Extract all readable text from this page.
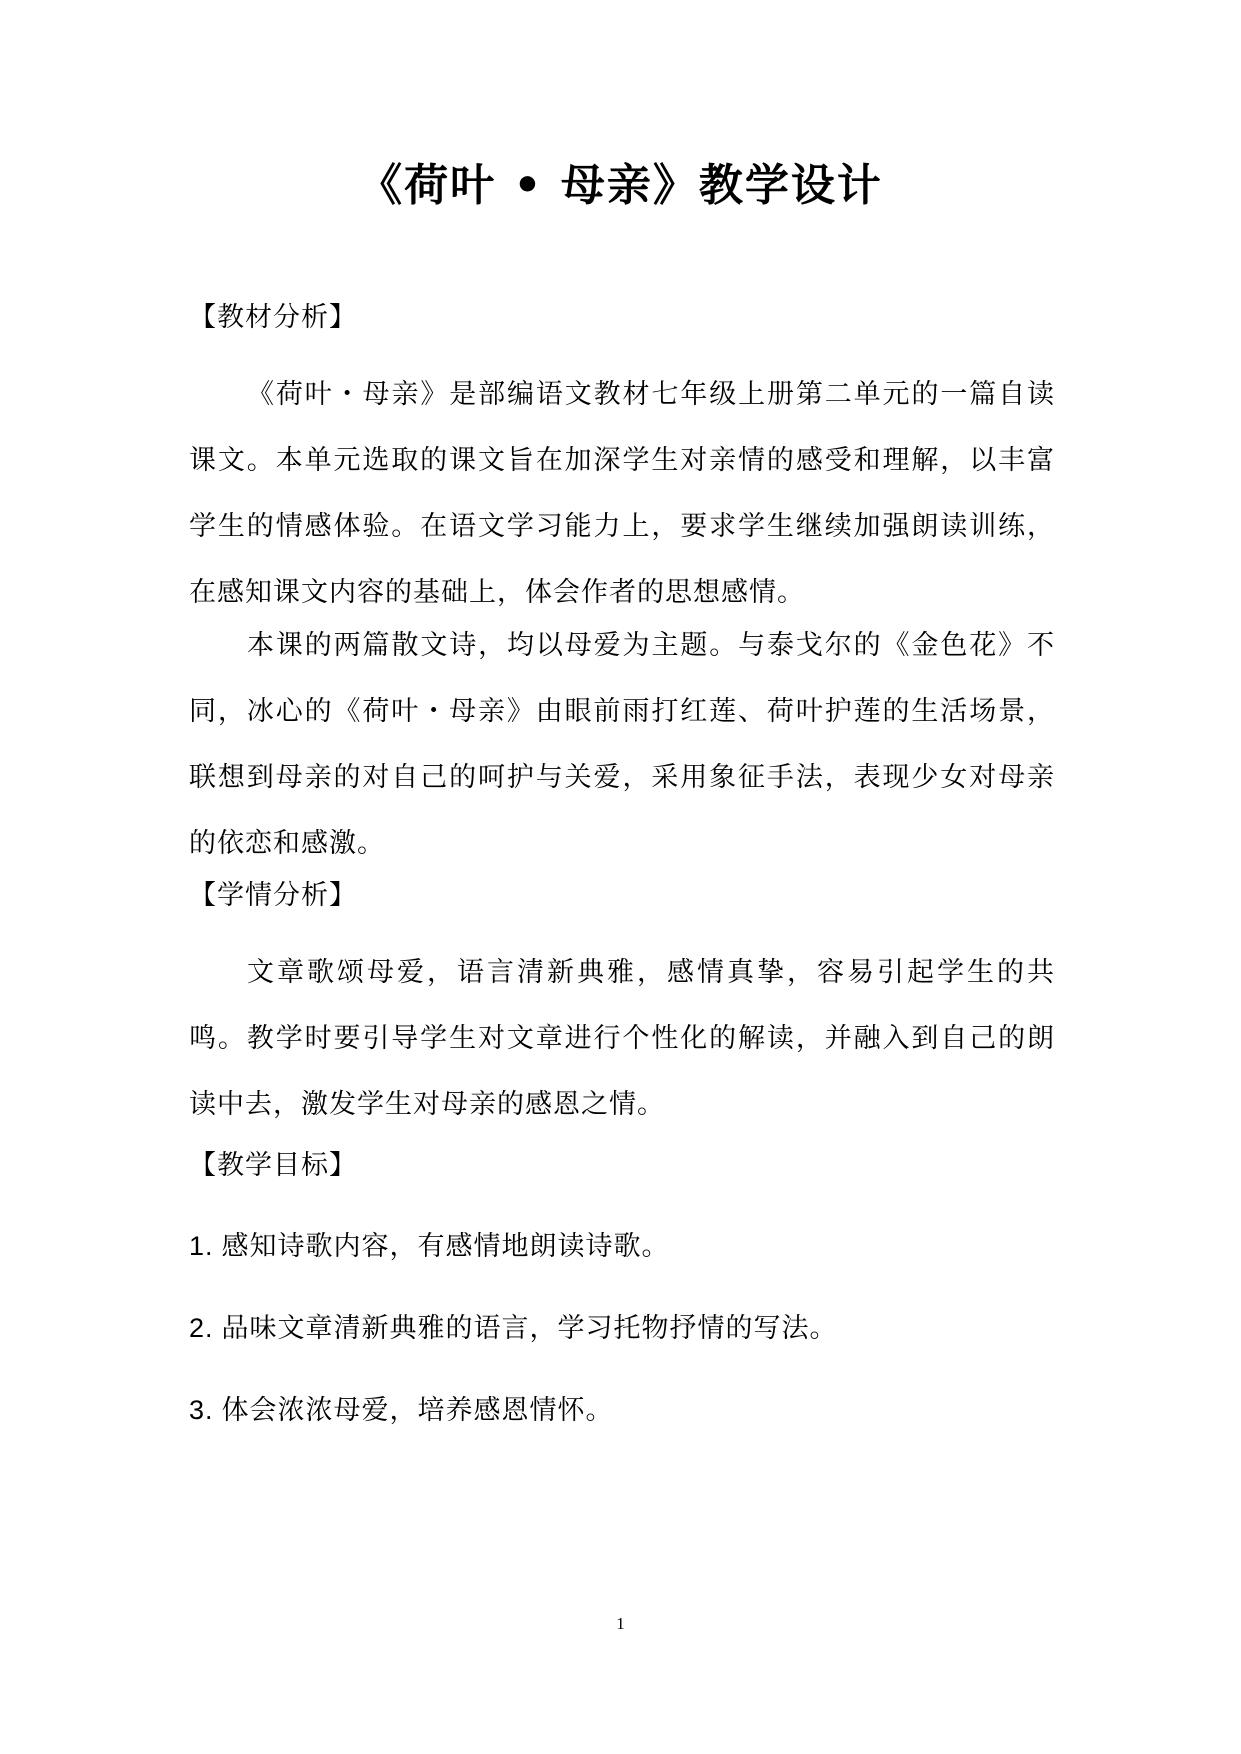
《荷叶 • 母亲》教学设计
【教材分析】

《荷叶・母亲》是部编语文教材七年级上册第二单元的一篇自读课文。本单元选取的课文旨在加深学生对亲情的感受和理解，以丰富学生的情感体验。在语文学习能力上，要求学生继续加强朗读训练，在感知课文内容的基础上，体会作者的思想感情。

本课的两篇散文诗，均以母爱为主题。与泰戈尔的《金色花》不同，冰心的《荷叶・母亲》由眼前雨打红莲、荷叶护莲的生活场景，联想到母亲的对自己的呵护与关爱，采用象征手法，表现少女对母亲的依恋和感激。

【学情分析】

文章歌颂母爱，语言清新典雅，感情真挚，容易引起学生的共鸣。教学时要引导学生对文章进行个性化的解读，并融入到自己的朗读中去，激发学生对母亲的感恩之情。

【教学目标】
1. 感知诗歌内容，有感情地朗读诗歌。
2. 品味文章清新典雅的语言，学习托物抒情的写法。
3. 体会浓浓母爱，培养感恩情怀。
1
